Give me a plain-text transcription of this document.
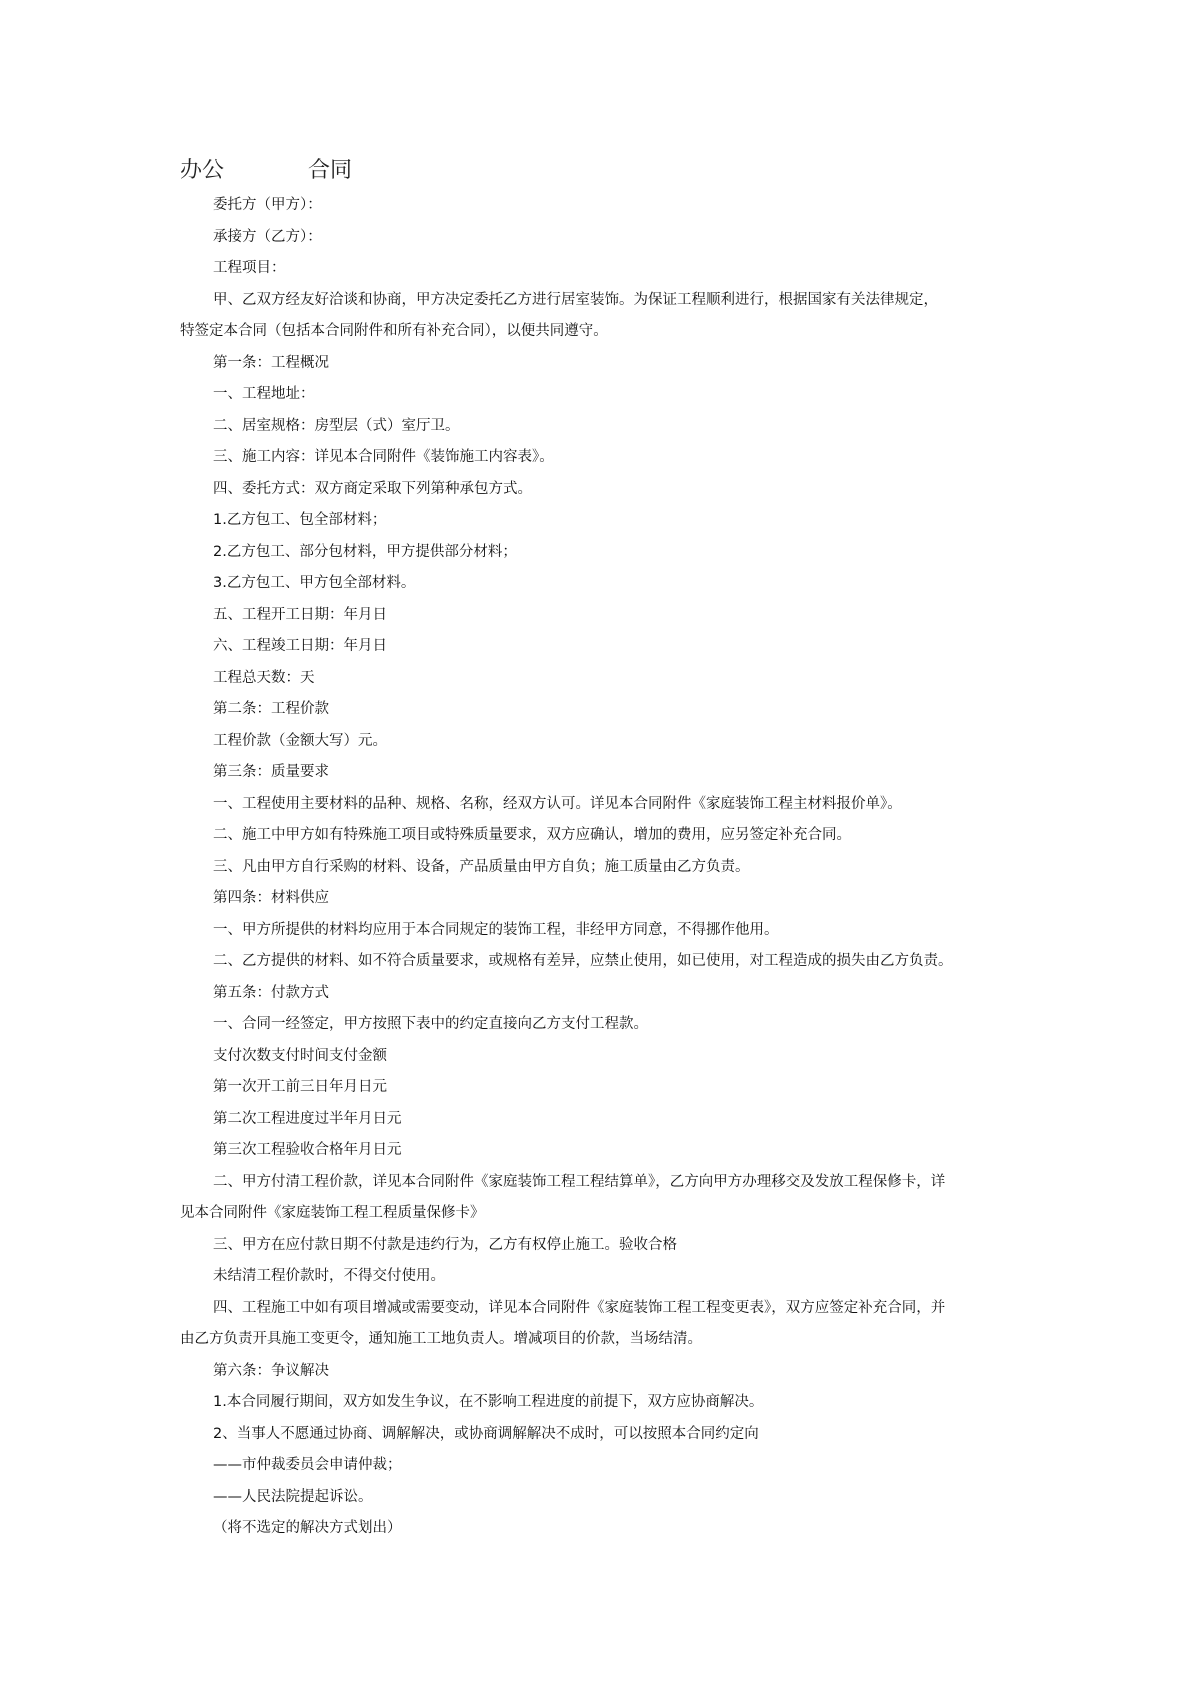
办公	合同
委托方（甲方）：
承接方（乙方）：
工程项目：
甲、乙双方经友好洽谈和协商，甲方决定委托乙方进行居室装饰。为保证工程顺利进行，根据国家有关法律规定，
特签定本合同（包括本合同附件和所有补充合同），以便共同遵守。
第一条：工程概况
一、工程地址：
二、居室规格：房型层（式）室厅卫。
三、施工内容：详见本合同附件《装饰施工内容表》。
四、委托方式：双方商定采取下列第种承包方式。
1.乙方包工、包全部材料；
2.乙方包工、部分包材料，甲方提供部分材料；
3.乙方包工、甲方包全部材料。
五、工程开工日期：年月日
六、工程竣工日期：年月日
工程总天数：天
第二条：工程价款
工程价款（金额大写）元。
第三条：质量要求
一、工程使用主要材料的品种、规格、名称，经双方认可。详见本合同附件《家庭装饰工程主材料报价单》。
二、施工中甲方如有特殊施工项目或特殊质量要求，双方应确认，增加的费用，应另签定补充合同。
三、凡由甲方自行采购的材料、设备，产品质量由甲方自负；施工质量由乙方负责。
第四条：材料供应
一、甲方所提供的材料均应用于本合同规定的装饰工程，非经甲方同意，不得挪作他用。
二、乙方提供的材料、如不符合质量要求，或规格有差异，应禁止使用，如已使用，对工程造成的损失由乙方负责。
第五条：付款方式
一、合同一经签定，甲方按照下表中的约定直接向乙方支付工程款。
支付次数支付时间支付金额
第一次开工前三日年月日元
第二次工程进度过半年月日元
第三次工程验收合格年月日元
二、甲方付清工程价款，详见本合同附件《家庭装饰工程工程结算单》，乙方向甲方办理移交及发放工程保修卡，详
见本合同附件《家庭装饰工程工程质量保修卡》
三、甲方在应付款日期不付款是违约行为，乙方有权停止施工。验收合格
未结清工程价款时，不得交付使用。
四、工程施工中如有项目增减或需要变动，详见本合同附件《家庭装饰工程工程变更表》，双方应签定补充合同，并
由乙方负责开具施工变更令，通知施工工地负责人。增减项目的价款，当场结清。
第六条：争议解决
1.本合同履行期间，双方如发生争议，在不影响工程进度的前提下，双方应协商解决。
2、当事人不愿通过协商、调解解决，或协商调解解决不成时，可以按照本合同约定向
——市仲裁委员会申请仲裁；
——人民法院提起诉讼。
（将不选定的解决方式划出）
